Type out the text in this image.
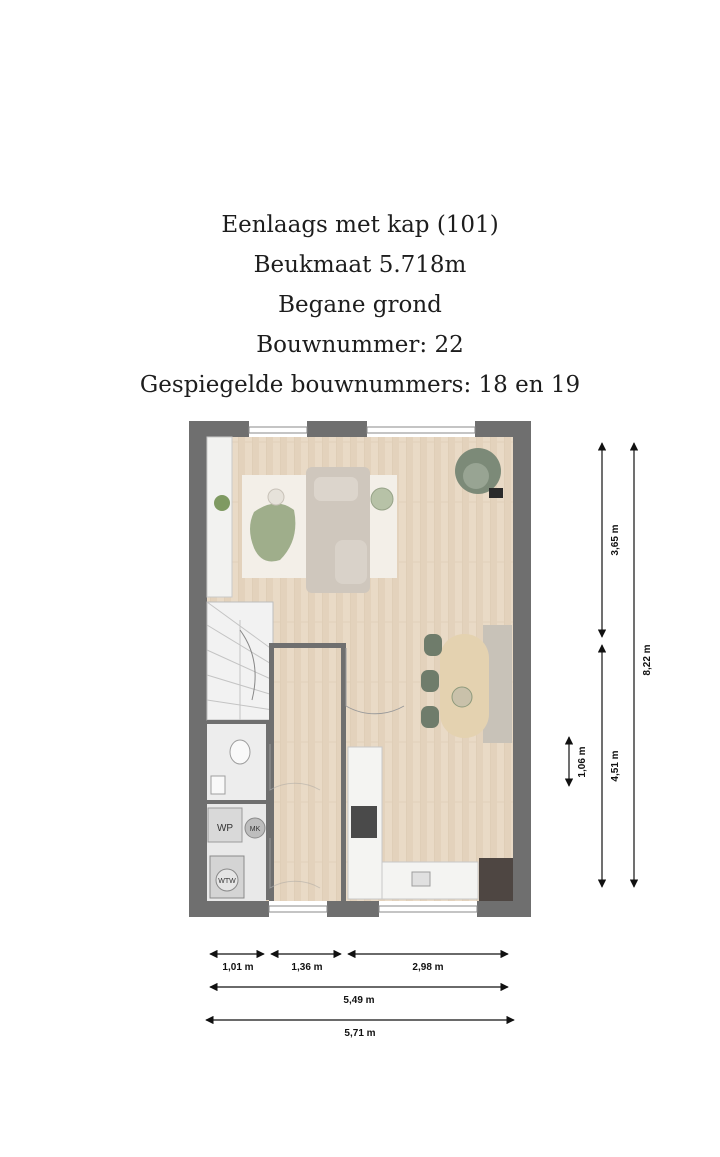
Eenlaags met kap (101)
Beukmaat 5.718m
Begane grond
Bouwnummer: 22
Gespiegelde bouwnummers: 18 en 19
WP MK
WTW
3,65 m
4,51 m
8,22 m
1,06 m
1,01 m	1,36 m	2,98 m
5,49 m
5,71 m
